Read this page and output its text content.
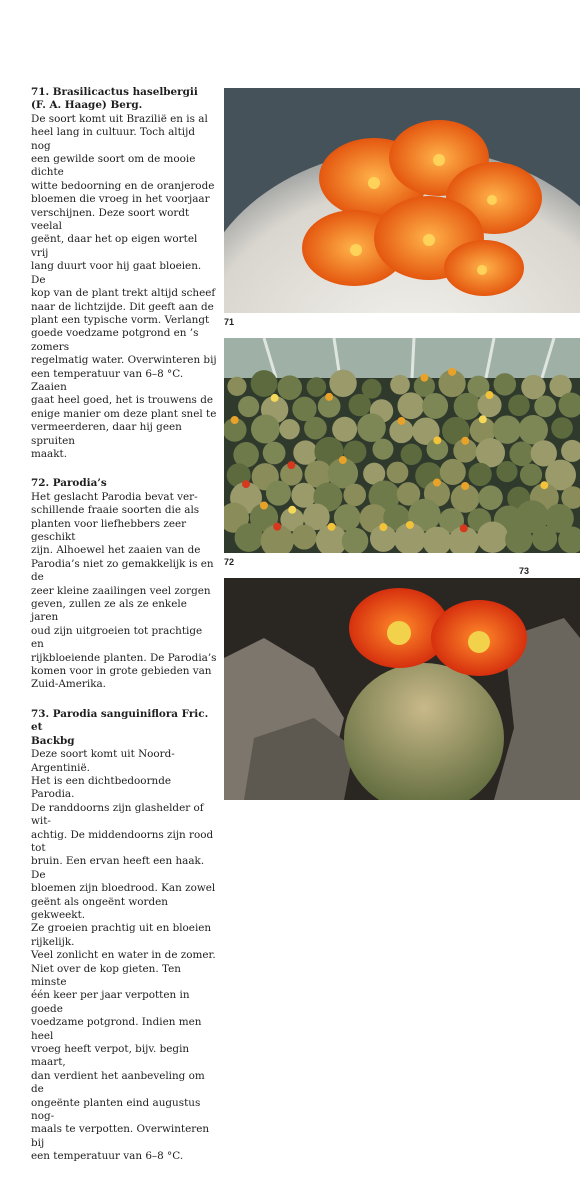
71. Brasilicactus haselbergii
(F. A. Haage) Berg.

De soort komt uit Brazilië en is al
heel lang in cultuur. Toch altijd nog
een gewilde soort om de mooie dichte
witte bedoorning en de oranjerode
bloemen die vroeg in het voorjaar
verschijnen. Deze soort wordt veelal
geënt, daar het op eigen wortel vrij
lang duurt voor hij gaat bloeien. De
kop van de plant trekt altijd scheef
naar de lichtzijde. Dit geeft aan de
plant een typische vorm. Verlangt
goede voedzame potgrond en ’s zomers
regelmatig water. Overwinteren bij
een temperatuur van 6–8 °C. Zaaien
gaat heel goed, het is trouwens de
enige manier om deze plant snel te
vermeerderen, daar hij geen spruiten
maakt.

72. Parodia’s

Het geslacht Parodia bevat ver-
schillende fraaie soorten die als
planten voor liefhebbers zeer geschikt
zijn. Alhoewel het zaaien van de
Parodia’s niet zo gemakkelijk is en de
zeer kleine zaailingen veel zorgen
geven, zullen ze als ze enkele jaren
oud zijn uitgroeien tot prachtige en
rijkbloeiende planten. De Parodia’s
komen voor in grote gebieden van
Zuid-Amerika.

73. Parodia sanguiniflora Fric. et
Backbg

Deze soort komt uit Noord-Argentinië.
Het is een dichtbedoornde Parodia.
De randdoorns zijn glashelder of wit-
achtig. De middendoorns zijn rood tot
bruin. Een ervan heeft een haak. De
bloemen zijn bloedrood. Kan zowel
geënt als ongeënt worden gekweekt.
Ze groeien prachtig uit en bloeien
rijkelijk.
Veel zonlicht en water in de zomer.
Niet over de kop gieten. Ten minste
één keer per jaar verpotten in goede
voedzame potgrond. Indien men heel
vroeg heeft verpot, bijv. begin maart,
dan verdient het aanbeveling om de
ongeënte planten eind augustus nog-
maals te verpotten. Overwinteren bij
een temperatuur van 6–8 °C.

71
72
73
